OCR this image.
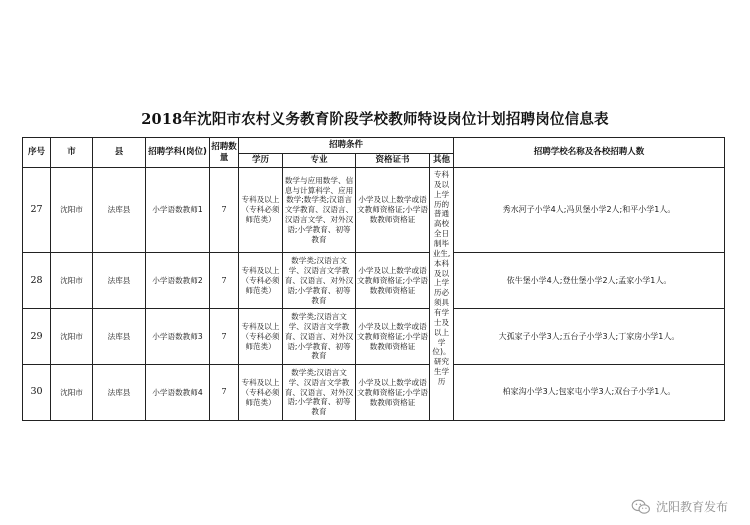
2018年沈阳市农村义务教育阶段学校教师特设岗位计划招聘岗位信息表
序号	市	县	招聘学科(岗位)	招聘数量	招聘条件				招聘学校名称及各校招聘人数
					学历	专业	资格证书	其他	
27	沈阳市	法库县	小学语数教师1	7	专科及以上（专科必须师范类）	数学与应用数学、信息与计算科学、应用数学;数学类;汉语言文学教育、汉语言、汉语言文学、对外汉语;小学教育、初等教育	小学及以上数学或语文教师资格证;小学语数教师资格证	专科及以上学历的普通高校全日制毕业生,本科及以上学历必须具有学士及以上学位)。研究生学历	秀水河子小学4人;冯贝堡小学2人;和平小学1人。
28	沈阳市	法库县	小学语数教师2	7	专科及以上（专科必须师范类）	数学类;汉语言文学、汉语言文学教育、汉语言、对外汉语;小学教育、初等教育	小学及以上数学或语文教师资格证;小学语数教师资格证		依牛堡小学4人;登仕堡小学2人;孟家小学1人。
29	沈阳市	法库县	小学语数教师3	7	专科及以上（专科必须师范类）	数学类;汉语言文学、汉语言文学教育、汉语言、对外汉语;小学教育、初等教育	小学及以上数学或语文教师资格证;小学语数教师资格证		大孤家子小学3人;五台子小学3人;丁家房小学1人。
30	沈阳市	法库县	小学语数教师4	7	专科及以上（专科必须师范类）	数学类;汉语言文学、汉语言文学教育、汉语言、对外汉语;小学教育、初等教育	小学及以上数学或语文教师资格证;小学语数教师资格证		柏家沟小学3人;包家屯小学3人;双台子小学1人。
沈阳教育发布
